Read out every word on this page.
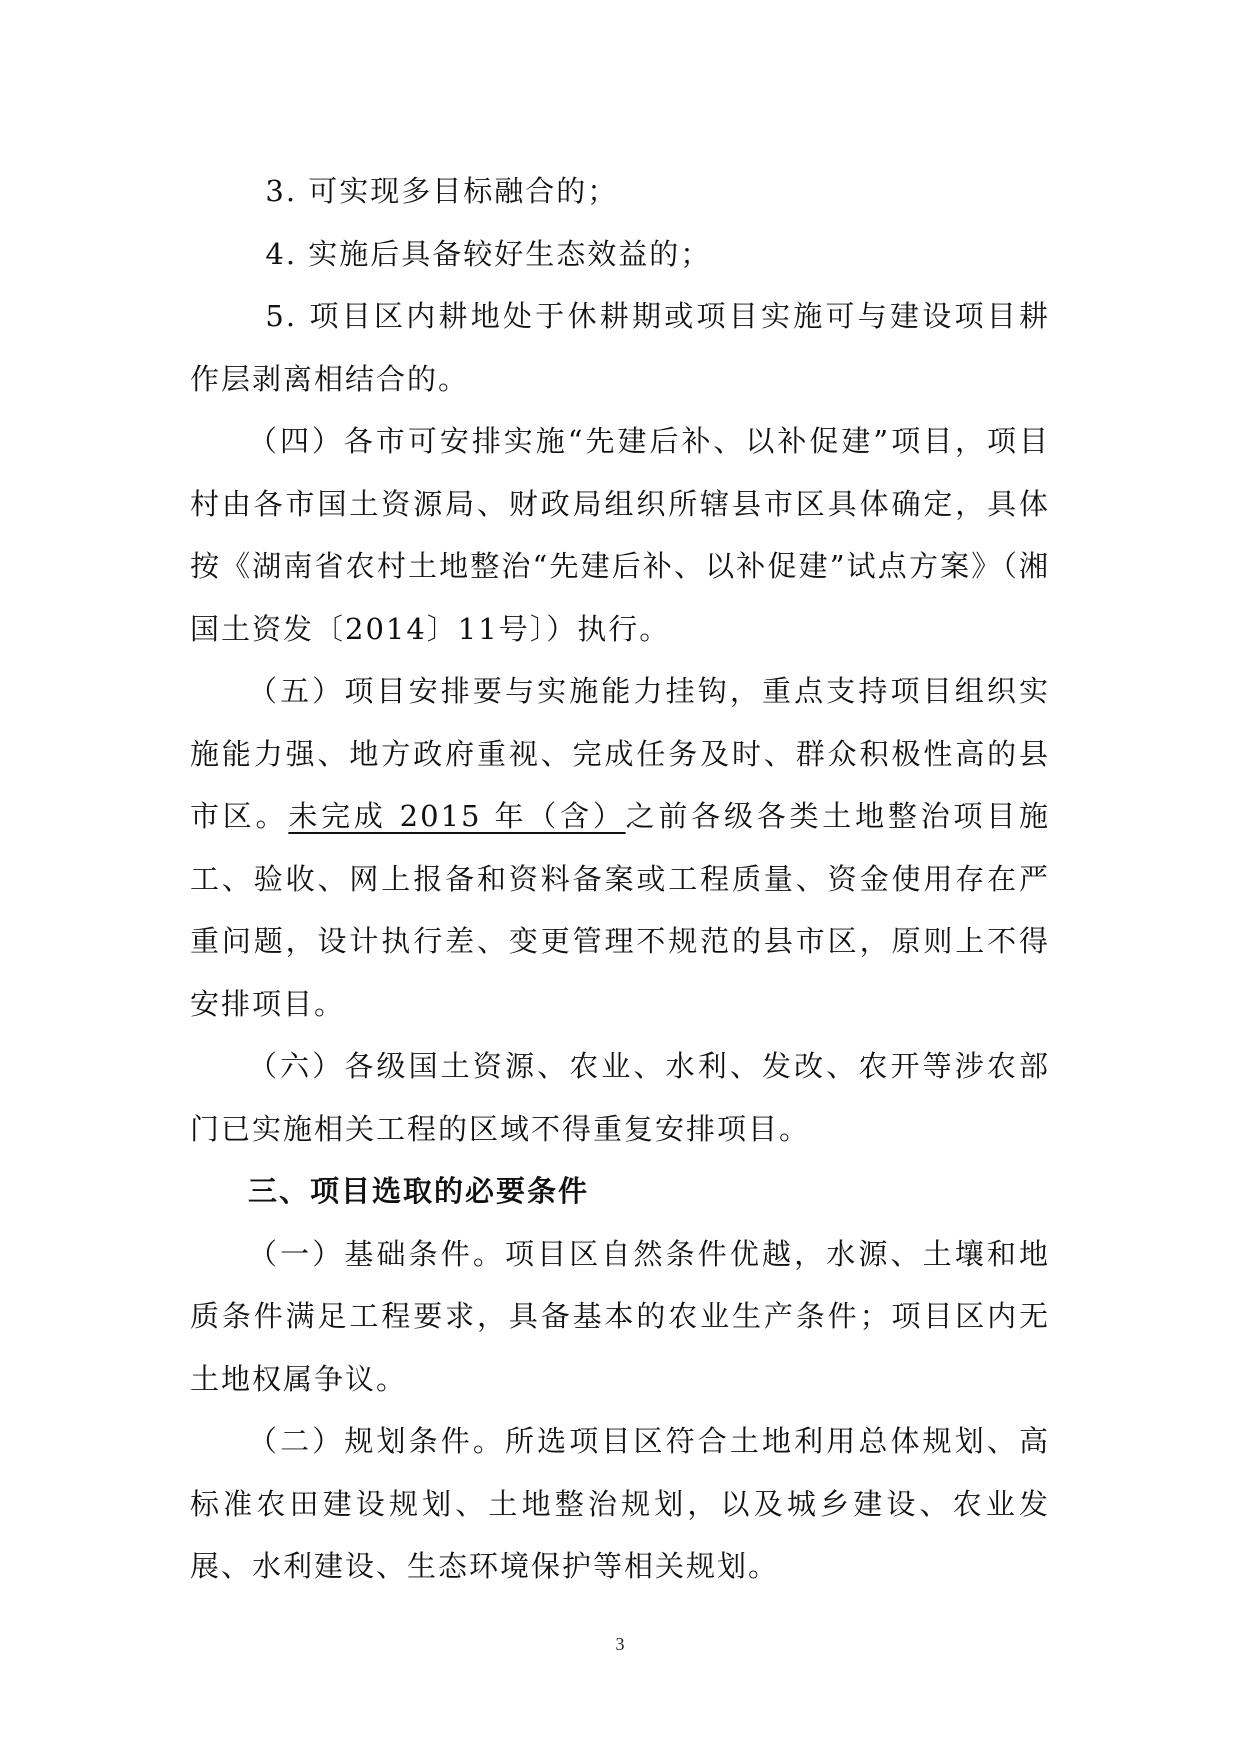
3. 可实现多目标融合的；

4. 实施后具备较好生态效益的；

5. 项目区内耕地处于休耕期或项目实施可与建设项目耕作层剥离相结合的。

（四）各市可安排实施“先建后补、以补促建”项目，项目村由各市国土资源局、财政局组织所辖县市区具体确定，具体按《湖南省农村土地整治“先建后补、以补促建”试点方案》（湘国土资发〔2014〕11号〕）执行。

（五）项目安排要与实施能力挂钩，重点支持项目组织实施能力强、地方政府重视、完成任务及时、群众积极性高的县市区。未完成 2015 年（含）之前各级各类土地整治项目施工、验收、网上报备和资料备案或工程质量、资金使用存在严重问题，设计执行差、变更管理不规范的县市区，原则上不得安排项目。

（六）各级国土资源、农业、水利、发改、农开等涉农部门已实施相关工程的区域不得重复安排项目。

三、项目选取的必要条件

（一）基础条件。项目区自然条件优越，水源、土壤和地质条件满足工程要求，具备基本的农业生产条件；项目区内无土地权属争议。

（二）规划条件。所选项目区符合土地利用总体规划、高标准农田建设规划、土地整治规划，以及城乡建设、农业发展、水利建设、生态环境保护等相关规划。

3
